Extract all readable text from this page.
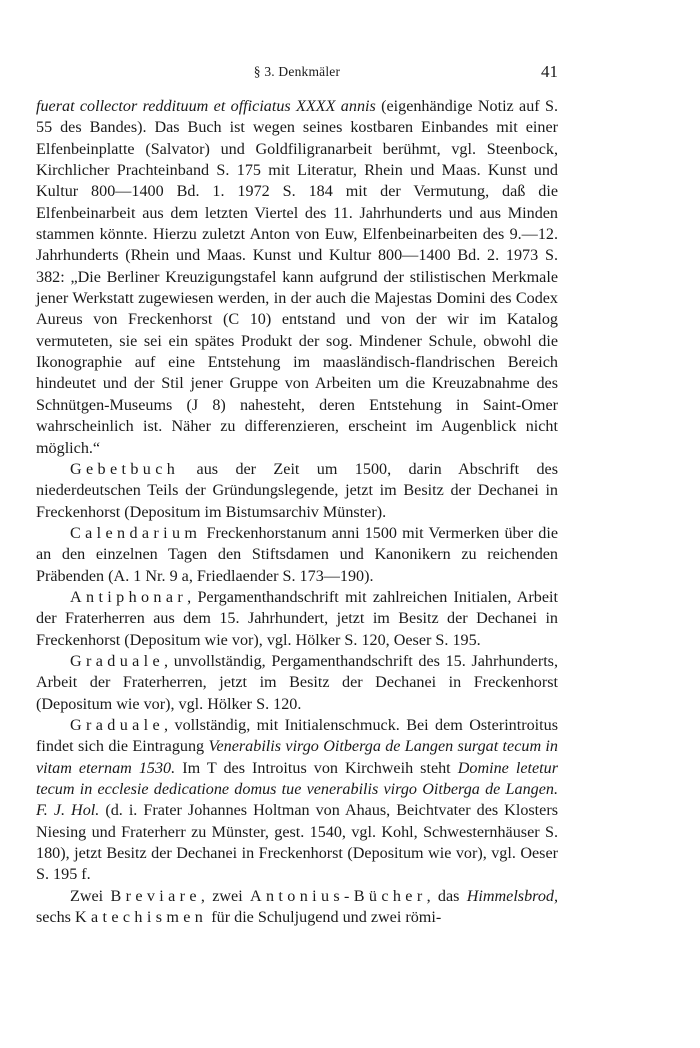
§ 3. Denkmäler	41

fuerat collector reddituum et officiatus XXXX annis (eigenhändige Notiz auf S. 55 des Bandes). Das Buch ist wegen seines kostbaren Einbandes mit einer Elfenbeinplatte (Salvator) und Goldfiligranarbeit berühmt, vgl. Steenbock, Kirchlicher Prachteinband S. 175 mit Literatur, Rhein und Maas. Kunst und Kultur 800—1400 Bd. 1. 1972 S. 184 mit der Vermutung, daß die Elfenbeinarbeit aus dem letzten Viertel des 11. Jahrhunderts und aus Minden stammen könnte. Hierzu zuletzt Anton von Euw, Elfenbeinarbeiten des 9.—12. Jahrhunderts (Rhein und Maas. Kunst und Kultur 800—1400 Bd. 2. 1973 S. 382: „Die Berliner Kreuzigungstafel kann aufgrund der stilistischen Merkmale jener Werkstatt zugewiesen werden, in der auch die Majestas Domini des Codex Aureus von Freckenhorst (C 10) entstand und von der wir im Katalog vermuteten, sie sei ein spätes Produkt der sog. Mindener Schule, obwohl die Ikonographie auf eine Entstehung im maasländisch-flandrischen Bereich hindeutet und der Stil jener Gruppe von Arbeiten um die Kreuzabnahme des Schnütgen-Museums (J 8) nahesteht, deren Entstehung in Saint-Omer wahrscheinlich ist. Näher zu differenzieren, erscheint im Augenblick nicht möglich.“

Gebetbuch aus der Zeit um 1500, darin Abschrift des niederdeutschen Teils der Gründungslegende, jetzt im Besitz der Dechanei in Freckenhorst (Depositum im Bistumsarchiv Münster).

Calendarium Freckenhorstanum anni 1500 mit Vermerken über die an den einzelnen Tagen den Stiftsdamen und Kanonikern zu reichenden Präbenden (A. 1 Nr. 9 a, Friedlaender S. 173—190).

Antiphonar, Pergamenthandschrift mit zahlreichen Initialen, Arbeit der Fraterherren aus dem 15. Jahrhundert, jetzt im Besitz der Dechanei in Freckenhorst (Depositum wie vor), vgl. Hölker S. 120, Oeser S. 195.

Graduale, unvollständig, Pergamenthandschrift des 15. Jahrhunderts, Arbeit der Fraterherren, jetzt im Besitz der Dechanei in Freckenhorst (Depositum wie vor), vgl. Hölker S. 120.

Graduale, vollständig, mit Initialenschmuck. Bei dem Osterintroitus findet sich die Eintragung Venerabilis virgo Oitberga de Langen surgat tecum in vitam eternam 1530. Im T des Introitus von Kirchweih steht Domine letetur tecum in ecclesie dedicatione domus tue venerabilis virgo Oitberga de Langen. F. J. Hol. (d. i. Frater Johannes Holtman von Ahaus, Beichtvater des Klosters Niesing und Fraterherr zu Münster, gest. 1540, vgl. Kohl, Schwesternhäuser S. 180), jetzt Besitz der Dechanei in Freckenhorst (Depositum wie vor), vgl. Oeser S. 195 f.

Zwei Breviare, zwei Antonius-Bücher, das Himmelsbrod, sechs Katechismen für die Schuljugend und zwei römi-
